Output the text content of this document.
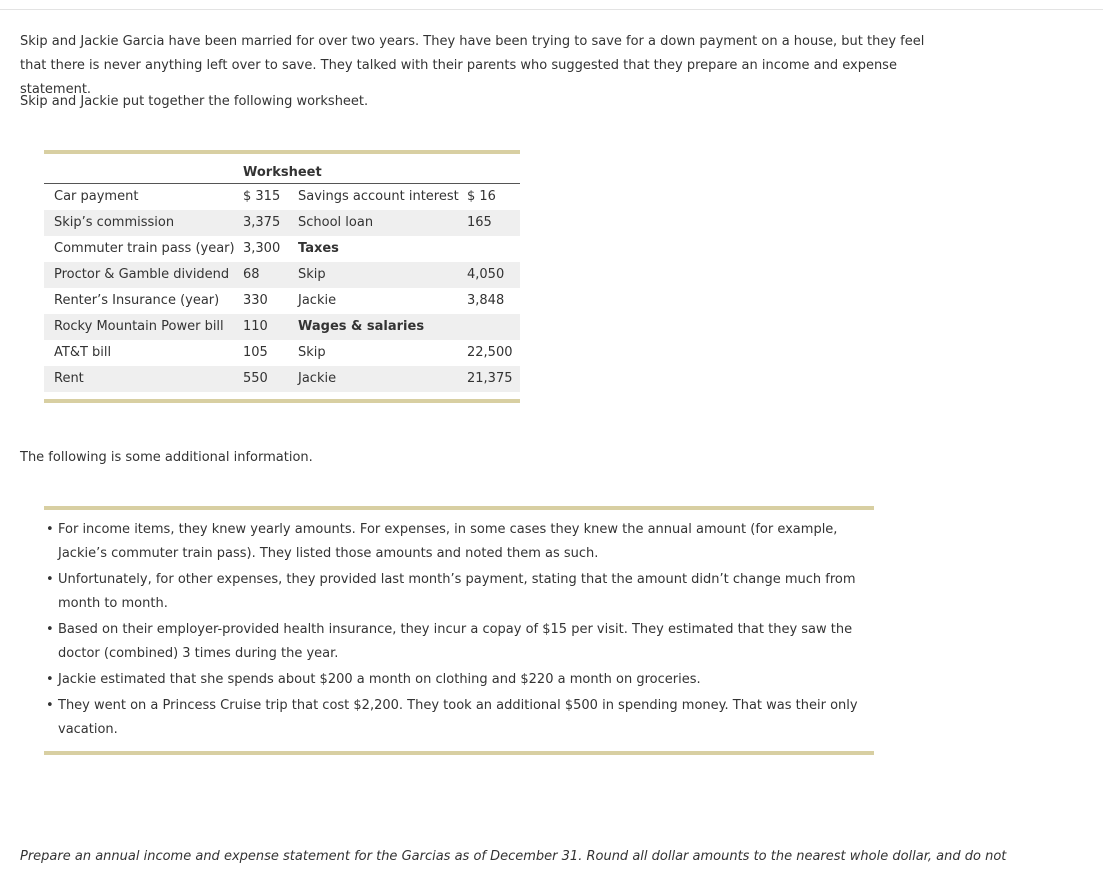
Skip and Jackie Garcia have been married for over two years. They have been trying to save for a down payment on a house, but they feel that there is never anything left over to save. They talked with their parents who suggested that they prepare an income and expense statement.

Skip and Jackie put together the following worksheet.

Worksheet
Car payment	$ 315 Savings account interest $ 16
Skip’s commission	3,375 School loan	165
Commuter train pass (year) 3,300 Taxes
Proctor & Gamble dividend 68	Skip	4,050
Renter’s Insurance (year) 330 Jackie	3,848
Rocky Mountain Power bill 110 Wages & salaries
AT&T bill	105 Skip	22,500
Rent	550 Jackie	21,375

The following is some additional information.

• For income items, they knew yearly amounts. For expenses, in some cases they knew the annual amount (for example, Jackie’s commuter train pass). They listed those amounts and noted them as such.
• Unfortunately, for other expenses, they provided last month’s payment, stating that the amount didn’t change much from month to month.
• Based on their employer-provided health insurance, they incur a copay of $15 per visit. They estimated that they saw the doctor (combined) 3 times during the year.
• Jackie estimated that she spends about $200 a month on clothing and $220 a month on groceries.
• They went on a Princess Cruise trip that cost $2,200. They took an additional $500 in spending money. That was their only vacation.

Prepare an annual income and expense statement for the Garcias as of December 31. Round all dollar amounts to the nearest whole dollar, and do not
